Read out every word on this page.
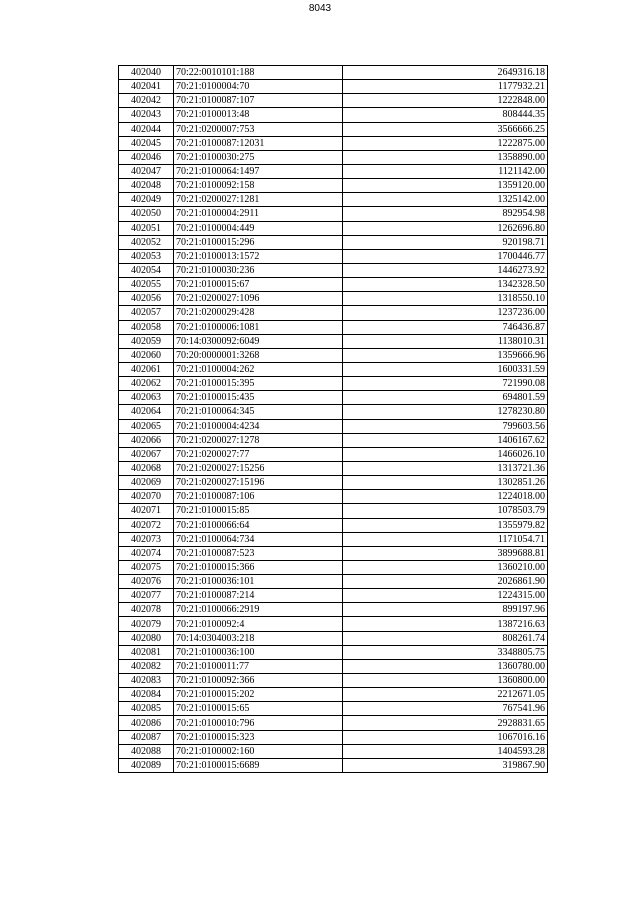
8043
402040	70:22:0010101:188	2649316.18
402041	70:21:0100004:70	1177932.21
402042	70:21:0100087:107	1222848.00
402043	70:21:0100013:48	808444.35
402044	70:21:0200007:753	3566666.25
402045	70:21:0100087:12031	1222875.00
402046	70:21:0100030:275	1358890.00
402047	70:21:0100064:1497	1121142.00
402048	70:21:0100092:158	1359120.00
402049	70:21:0200027:1281	1325142.00
402050	70:21:0100004:2911	892954.98
402051	70:21:0100004:449	1262696.80
402052	70:21:0100015:296	920198.71
402053	70:21:0100013:1572	1700446.77
402054	70:21:0100030:236	1446273.92
402055	70:21:0100015:67	1342328.50
402056	70:21:0200027:1096	1318550.10
402057	70:21:0200029:428	1237236.00
402058	70:21:0100006:1081	746436.87
402059	70:14:0300092:6049	1138010.31
402060	70:20:0000001:3268	1359666.96
402061	70:21:0100004:262	1600331.59
402062	70:21:0100015:395	721990.08
402063	70:21:0100015:435	694801.59
402064	70:21:0100064:345	1278230.80
402065	70:21:0100004:4234	799603.56
402066	70:21:0200027:1278	1406167.62
402067	70:21:0200027:77	1466026.10
402068	70:21:0200027:15256	1313721.36
402069	70:21:0200027:15196	1302851.26
402070	70:21:0100087:106	1224018.00
402071	70:21:0100015:85	1078503.79
402072	70:21:0100066:64	1355979.82
402073	70:21:0100064:734	1171054.71
402074	70:21:0100087:523	3899688.81
402075	70:21:0100015:366	1360210.00
402076	70:21:0100036:101	2026861.90
402077	70:21:0100087:214	1224315.00
402078	70:21:0100066:2919	899197.96
402079	70:21:0100092:4	1387216.63
402080	70:14:0304003:218	808261.74
402081	70:21:0100036:100	3348805.75
402082	70:21:0100011:77	1360780.00
402083	70:21:0100092:366	1360800.00
402084	70:21:0100015:202	2212671.05
402085	70:21:0100015:65	767541.96
402086	70:21:0100010:796	2928831.65
402087	70:21:0100015:323	1067016.16
402088	70:21:0100002:160	1404593.28
402089	70:21:0100015:6689	319867.90
